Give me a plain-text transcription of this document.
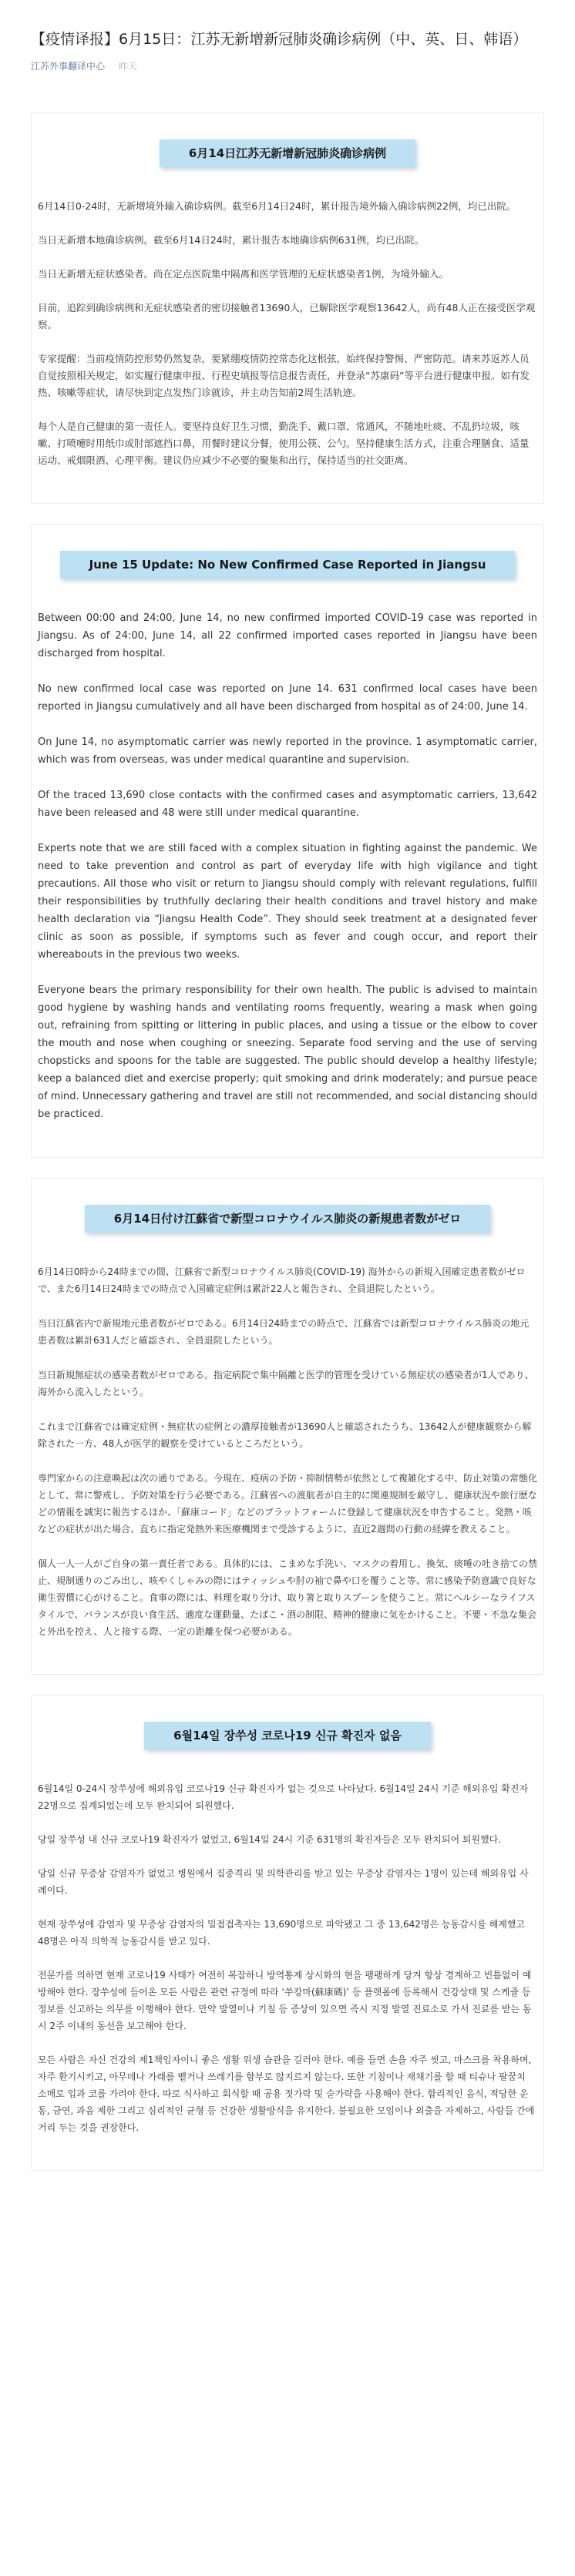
【疫情译报】6月15日：江苏无新增新冠肺炎确诊病例（中、英、日、韩语）
江苏外事翻译中心 昨天
6月14日江苏无新增新冠肺炎确诊病例

6月14日0-24时，无新增境外输入确诊病例。截至6月14日24时，累计报告境外输入确诊病例22例，均已出院。

当日无新增本地确诊病例。截至6月14日24时，累计报告本地确诊病例631例，均已出院。

当日无新增无症状感染者。尚在定点医院集中隔离和医学管理的无症状感染者1例，为境外输入。

目前，追踪到确诊病例和无症状感染者的密切接触者13690人，已解除医学观察13642人，尚有48人正在接受医学观察。

专家提醒：当前疫情防控形势仍然复杂，要紧绷疫情防控常态化这根弦，始终保持警惕、严密防范。请来苏返苏人员自觉按照相关规定，如实履行健康申报、行程史填报等信息报告责任，并登录“苏康码”等平台进行健康申报。如有发热、咳嗽等症状，请尽快到定点发热门诊就诊，并主动告知前2周生活轨迹。

每个人是自己健康的第一责任人。要坚持良好卫生习惯，勤洗手、戴口罩、常通风，不随地吐痰、不乱扔垃圾，咳嗽、打喷嚏时用纸巾或肘部遮挡口鼻，用餐时建议分餐，使用公筷、公勺。坚持健康生活方式，注重合理膳食、适量运动、戒烟限酒、心理平衡。建议仍应减少不必要的聚集和出行，保持适当的社交距离。

June 15 Update: No New Confirmed Case Reported in Jiangsu

Between 00:00 and 24:00, June 14, no new confirmed imported COVID-19 case was reported in Jiangsu. As of 24:00, June 14, all 22 confirmed imported cases reported in Jiangsu have been discharged from hospital.

No new confirmed local case was reported on June 14. 631 confirmed local cases have been reported in Jiangsu cumulatively and all have been discharged from hospital as of 24:00, June 14.

On June 14, no asymptomatic carrier was newly reported in the province. 1 asymptomatic carrier, which was from overseas, was under medical quarantine and supervision.

Of the traced 13,690 close contacts with the confirmed cases and asymptomatic carriers, 13,642 have been released and 48 were still under medical quarantine.

Experts note that we are still faced with a complex situation in fighting against the pandemic. We need to take prevention and control as part of everyday life with high vigilance and tight precautions. All those who visit or return to Jiangsu should comply with relevant regulations, fulfill their responsibilities by truthfully declaring their health conditions and travel history and make health declaration via “Jiangsu Health Code”. They should seek treatment at a designated fever clinic as soon as possible, if symptoms such as fever and cough occur, and report their whereabouts in the previous two weeks.

Everyone bears the primary responsibility for their own health. The public is advised to maintain good hygiene by washing hands and ventilating rooms frequently, wearing a mask when going out, refraining from spitting or littering in public places, and using a tissue or the elbow to cover the mouth and nose when coughing or sneezing. Separate food serving and the use of serving chopsticks and spoons for the table are suggested. The public should develop a healthy lifestyle; keep a balanced diet and exercise properly; quit smoking and drink moderately; and pursue peace of mind. Unnecessary gathering and travel are still not recommended, and social distancing should be practiced.

6月14日付け江蘇省で新型コロナウイルス肺炎の新規患者数がゼロ

6月14日0時から24時までの間、江蘇省で新型コロナウイルス肺炎(COVID-19) 海外からの新規入国確定患者数がゼロで、また6月14日24時までの時点で入国確定症例は累計22人と報告され、全員退院したという。

当日江蘇省内で新規地元患者数がゼロである。6月14日24時までの時点で、江蘇省では新型コロナウイルス肺炎の地元患者数は累計631人だと確認され、全員退院したという。

当日新規無症状の感染者数がゼロである。指定病院で集中隔離と医学的管理を受けている無症状の感染者が1人であり、海外から流入したという。

これまで江蘇省では確定症例・無症状の症例との濃厚接触者が13690人と確認されたうち、13642人が健康観察から解除された一方、48人が医学的観察を受けているところだという。

専門家からの注意喚起は次の通りである。今現在、疫病の予防・抑制情勢が依然として複雑化する中、防止対策の常態化として、常に警戒し、予防対策を行う必要である。江蘇省への渡航者が自主的に関連規制を厳守し、健康状況や旅行歴などの情報を誠実に報告するほか、「蘇康コード」などのプラットフォームに登録して健康状況を申告すること。発熱・咳などの症状が出た場合、直ちに指定発熱外来医療機関まで受診するように、直近2週間の行動の経緯を教えること。

個人一人一人がご自身の第一責任者である。具体的には、こまめな手洗い、マスクの着用し、換気、痰唾の吐き捨ての禁止、規制通りのごみ出し、咳やくしゃみの際にはティッシュや肘の袖で鼻や口を覆うこと等、常に感染予防意識で良好な衛生習慣に心がけること。食事の際には、料理を取り分け、取り箸と取りスプーンを使うこと。常にヘルシーなライフスタイルで、バランスが良い食生活、適度な運動量、たばこ・酒の制限、精神的健康に気をかけること。不要・不急な集会と外出を控え、人と接する際、一定の距離を保つ必要がある。

6월14일 장쑤성 코로나19 신규 확진자 없음

6월14일 0-24시 장쑤성에 해외유입 코로나19 신규 확진자가 없는 것으로 나타났다. 6월14일 24시 기준 해외유입 확진자 22명으로 집계되었는데 모두 완치되어 퇴원했다.

당일 장쑤성 내 신규 코로나19 확진자가 없었고, 6월14일 24시 기준 631명의 확진자들은 모두 완치되어 퇴원했다.

당일 신규 무증상 감염자가 없었고 병원에서 집중격리 및 의학관리를 받고 있는 무증상 감염자는 1명이 있는데 해외유입 사례이다.

현재 장쑤성에 감염자 및 무증상 감염자의 밀접접촉자는 13,690명으로 파악됐고 그 중 13,642명은 능동감시를 해제했고 48명은 아직 의학적 능동감시를 받고 있다.

전문가를 의하면 현재 코로나19 사태가 여전히 복잡하니 방역통제 상시화의 현을 팽팽하게 당겨 항상 경계하고 빈틈없이 예방해야 한다. 장쑤성에 들어온 모든 사람은 관련 규정에 따라 ‘쑤캉마(蘇康碼)’ 등 플랫폼에 등록해서 건강상태 및 스케쥴 등 정보를 신고하는 의무를 이행해야 한다. 만약 발열이나 기침 등 증상이 있으면 즉시 지정 발열 진료소로 가서 진료를 받는 동시 2주 이내의 동선을 보고해야 한다.

모든 사람은 자신 건강의 제1책임자이니 좋은 생활 위생 습관을 길러야 한다. 예를 들면 손을 자주 씻고, 마스크를 착용하며, 자주 환기시키고, 아무데나 가래를 뱉거나 쓰레기를 함부로 않지르지 않는다. 또한 기침이나 재채기를 할 때 티슈나 팔꿈치 소매로 입과 코를 가려야 한다. 따로 식사하고 회식할 때 공용 젓가락 및 숟가락을 사용해야 한다. 합리적인 음식, 적당한 운동, 금연, 과음 제한 그리고 심리적인 균형 등 건강한 생활방식을 유지한다. 불필요한 모임이나 외출을 자제하고, 사람들 간에 거리 두는 것을 권장한다.
